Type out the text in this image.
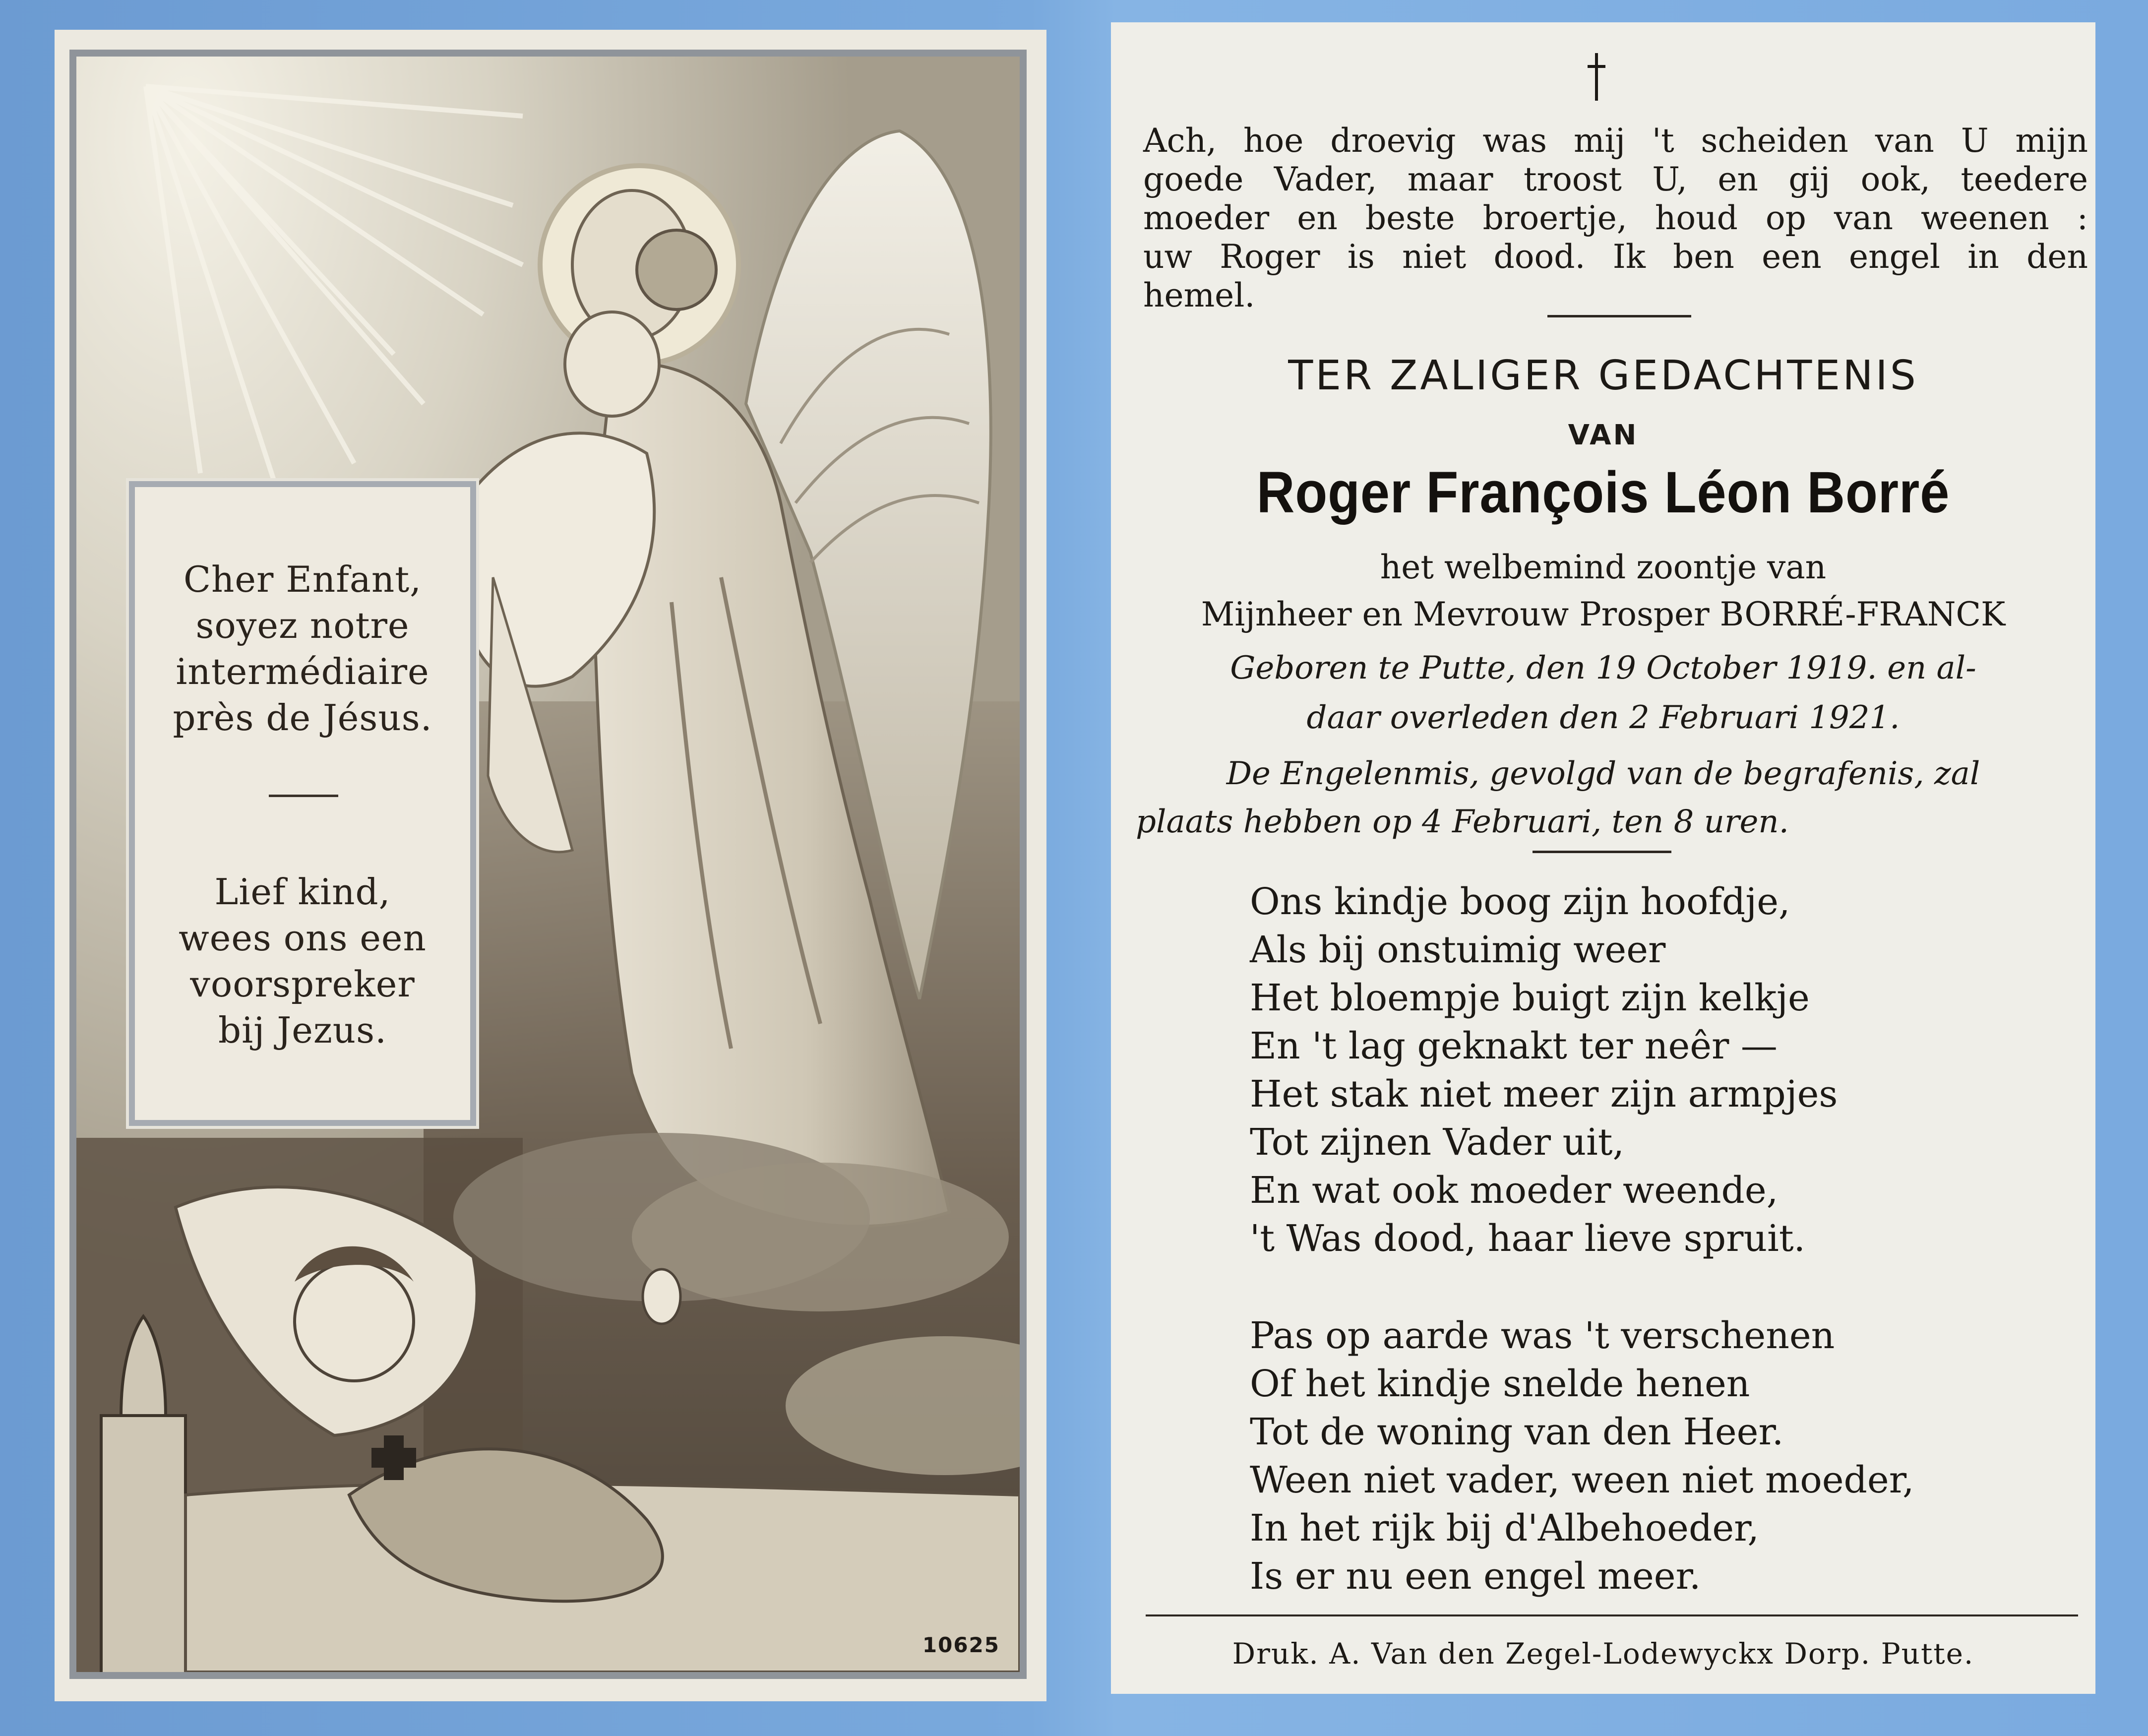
10625
Cher Enfant,
soyez notre
intermédiaire
près de Jésus.
Lief kind,
wees ons een
voorspreker
bij Jezus.
Ach, hoe droevig was mij 't scheiden van U mijn
goede Vader, maar troost U, en gij ook, teedere
moeder en beste broertje, houd op van weenen :
uw Roger is niet dood. Ik ben een engel in den
hemel.
TER ZALIGER GEDACHTENIS
VAN
Roger François Léon Borré
het welbemind zoontje van
Mijnheer en Mevrouw Prosper BORRÉ-FRANCK
Geboren te Putte, den 19 October 1919. en al-
daar overleden den 2 Februari 1921.
De Engelenmis, gevolgd van de begrafenis, zal
plaats hebben op 4 Februari, ten 8 uren.
Ons kindje boog zijn hoofdje,
Als bij onstuimig weer
Het bloempje buigt zijn kelkje
En 't lag geknakt ter neêr —
Het stak niet meer zijn armpjes
Tot zijnen Vader uit,
En wat ook moeder weende,
't Was dood, haar lieve spruit.
Pas op aarde was 't verschenen
Of het kindje snelde henen
Tot de woning van den Heer.
Ween niet vader, ween niet moeder,
In het rijk bij d'Albehoeder,
Is er nu een engel meer.
Druk. A. Van den Zegel-Lodewyckx Dorp. Putte.
